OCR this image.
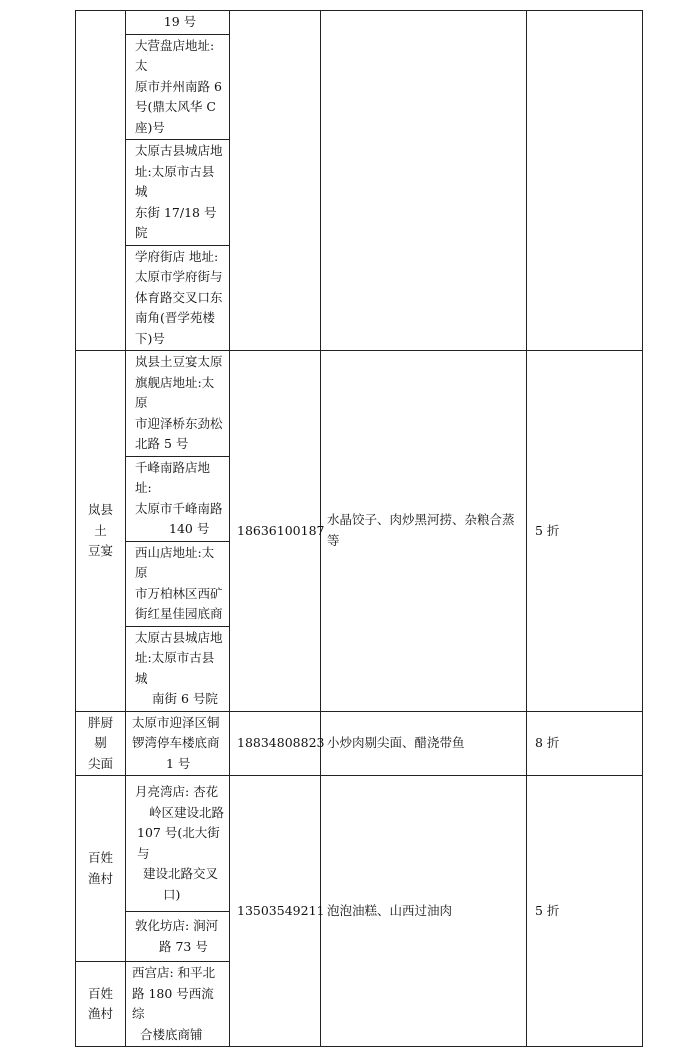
	19 号			

	大营盘店地址:太
原市并州南路 6
号(鼎太风华 C
座)号			

	太原古县城店地
址:太原市古县城
东街 17/18 号院			

	学府街店 地址:
太原市学府街与
体育路交叉口东
南角(晋学苑楼
下)号			

岚县土
豆宴	岚县土豆宴太原
旗舰店地址:太原
市迎泽桥东劲松
北路 5 号	18636100187	水晶饺子、肉炒黑河捞、杂粮合蒸等	5 折

	千峰南路店地址:
太原市千峰南路
140 号			

	西山店地址:太原
市万柏林区西矿
街红星佳园底商			

	太原古县城店地
址:太原市古县城
南街 6 号院			

胖厨剔
尖面	太原市迎泽区铜
锣湾停车楼底商
1 号	18834808823	小炒肉剔尖面、醋浇带鱼	8 折

百姓
渔村	月亮湾店: 杏花
岭区建设北路
107 号(北大街与
建设北路交叉
口)	13503549211	泡泡油糕、山西过油肉	5 折

	敦化坊店: 涧河
路 73 号			

百姓
渔村	西宫店: 和平北
路 180 号西流综
合楼底商铺			
